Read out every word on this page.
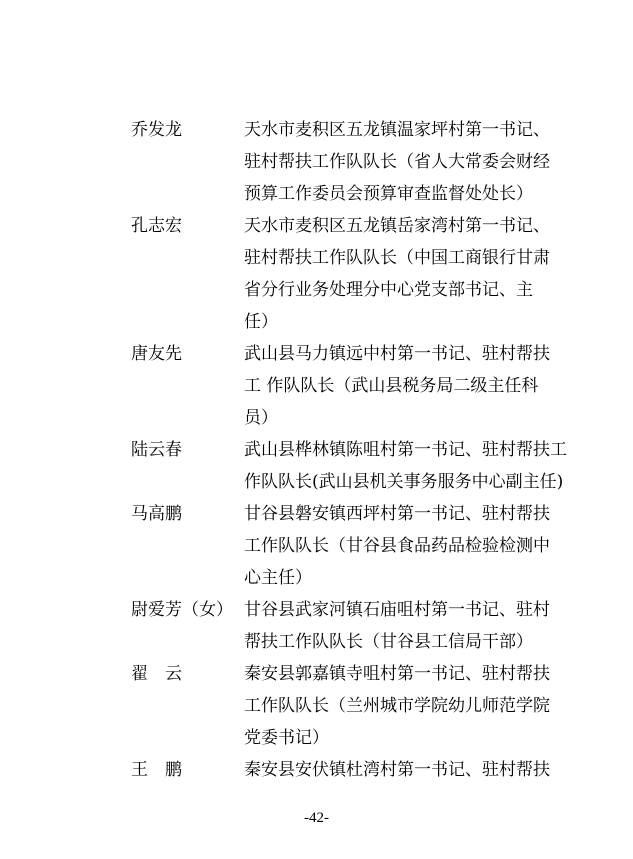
乔发龙	天水市麦积区五龙镇温家坪村第一书记、
驻村帮扶工作队队长（省人大常委会财经
预算工作委员会预算审查监督处处长）
孔志宏	天水市麦积区五龙镇岳家湾村第一书记、
驻村帮扶工作队队长（中国工商银行甘肃
省分行业务处理分中心党支部书记、主
任）
唐友先	武山县马力镇远中村第一书记、驻村帮扶
工 作队队长（武山县税务局二级主任科
员）
陆云春	武山县桦林镇陈咀村第一书记、驻村帮扶工
作队队长(武山县机关事务服务中心副主任)
马高鹏	甘谷县磐安镇西坪村第一书记、驻村帮扶
工作队队长（甘谷县食品药品检验检测中
心主任）
尉爱芳（女） 甘谷县武家河镇石庙咀村第一书记、驻村
帮扶工作队队长（甘谷县工信局干部）
翟　云	秦安县郭嘉镇寺咀村第一书记、驻村帮扶
工作队队长（兰州城市学院幼儿师范学院
党委书记）
王　鹏	秦安县安伏镇杜湾村第一书记、驻村帮扶
-42-
